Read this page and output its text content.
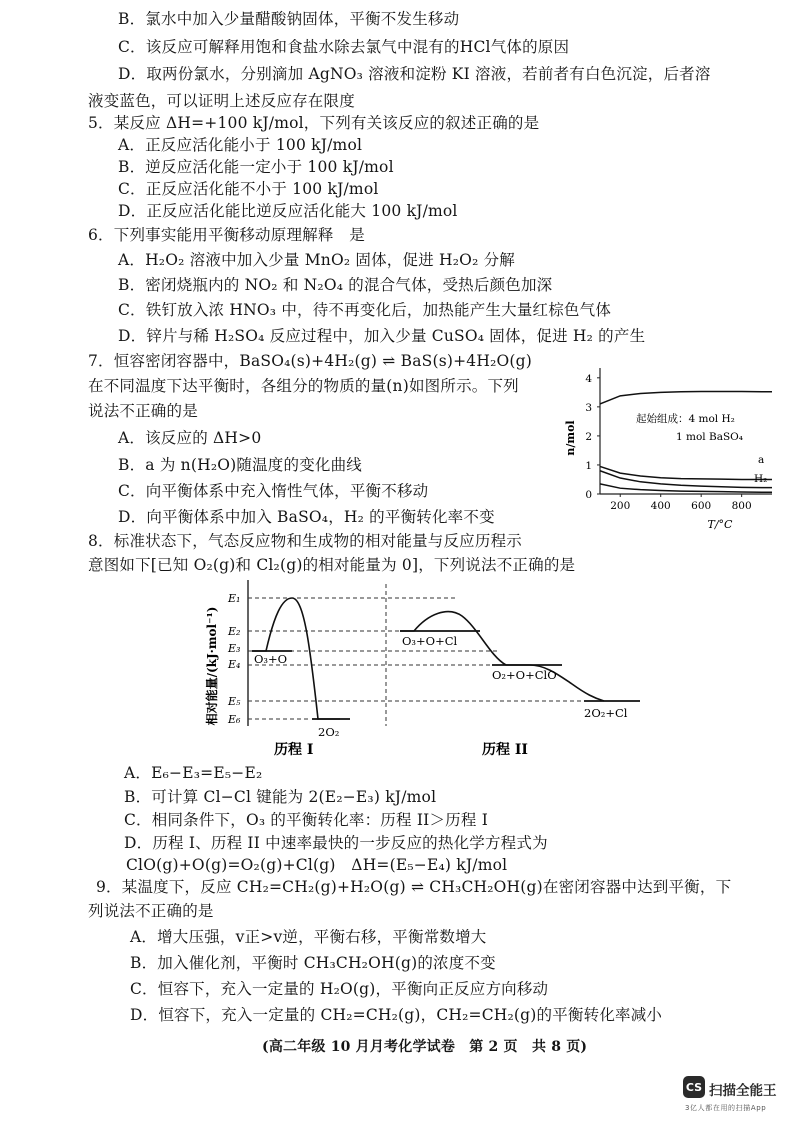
B．氯水中加入少量醋酸钠固体，平衡不发生移动
C．该反应可解释用饱和食盐水除去氯气中混有的HCl气体的原因
D．取两份氯水，分别滴加 AgNO₃ 溶液和淀粉 KI 溶液，若前者有白色沉淀，后者溶
液变蓝色，可以证明上述反应存在限度
5．某反应 ΔH=+100 kJ/mol，下列有关该反应的叙述正确的是
A．正反应活化能小于 100 kJ/mol
B．逆反应活化能一定小于 100 kJ/mol
C．正反应活化能不小于 100 kJ/mol
D．正反应活化能比逆反应活化能大 100 kJ/mol
6．下列事实能用平衡移动原理解释　是
A．H₂O₂ 溶液中加入少量 MnO₂ 固体，促进 H₂O₂ 分解
B．密闭烧瓶内的 NO₂ 和 N₂O₄ 的混合气体，受热后颜色加深
C．铁钉放入浓 HNO₃ 中，待不再变化后，加热能产生大量红棕色气体
D．锌片与稀 H₂SO₄ 反应过程中，加入少量 CuSO₄ 固体，促进 H₂ 的产生
7．恒容密闭容器中，BaSO₄(s)+4H₂(g) ⇌ BaS(s)+4H₂O(g)
在不同温度下达平衡时，各组分的物质的量(n)如图所示。下列
说法不正确的是
A．该反应的 ΔH>0
B．a 为 n(H₂O)随温度的变化曲线
C．向平衡体系中充入惰性气体，平衡不移动
D．向平衡体系中加入 BaSO₄，H₂ 的平衡转化率不变
0
1
2
3
4
200 400 600 800
n/mol
T/°C
起始组成：4 mol H₂
1 mol BaSO₄
a
H₂
8．标准状态下，气态反应物和生成物的相对能量与反应历程示
意图如下[已知 O₂(g)和 Cl₂(g)的相对能量为 0]，下列说法不正确的是
E₁
E₂
E₃
E₄
E₅
E₆
O₃+O
2O₂
O₃+O+Cl
O₂+O+ClO
2O₂+Cl
相对能量/(kJ·mol⁻¹)
历程 I	历程 II
A．E₆−E₃=E₅−E₂
B．可计算 Cl−Cl 键能为 2(E₂−E₃) kJ/mol
C．相同条件下，O₃ 的平衡转化率：历程 II＞历程 I
D．历程 I、历程 II 中速率最快的一步反应的热化学方程式为
ClO(g)+O(g)=O₂(g)+Cl(g)　ΔH=(E₅−E₄) kJ/mol
9．某温度下，反应 CH₂=CH₂(g)+H₂O(g) ⇌ CH₃CH₂OH(g)在密闭容器中达到平衡，下
列说法不正确的是
A．增大压强，v正>v逆，平衡右移，平衡常数增大
B．加入催化剂，平衡时 CH₃CH₂OH(g)的浓度不变
C．恒容下，充入一定量的 H₂O(g)，平衡向正反应方向移动
D．恒容下，充入一定量的 CH₂=CH₂(g)，CH₂=CH₂(g)的平衡转化率减小
(高二年级 10 月月考化学试卷　第 2 页　共 8 页)
CS 扫描全能王
3亿人都在用的扫描App
